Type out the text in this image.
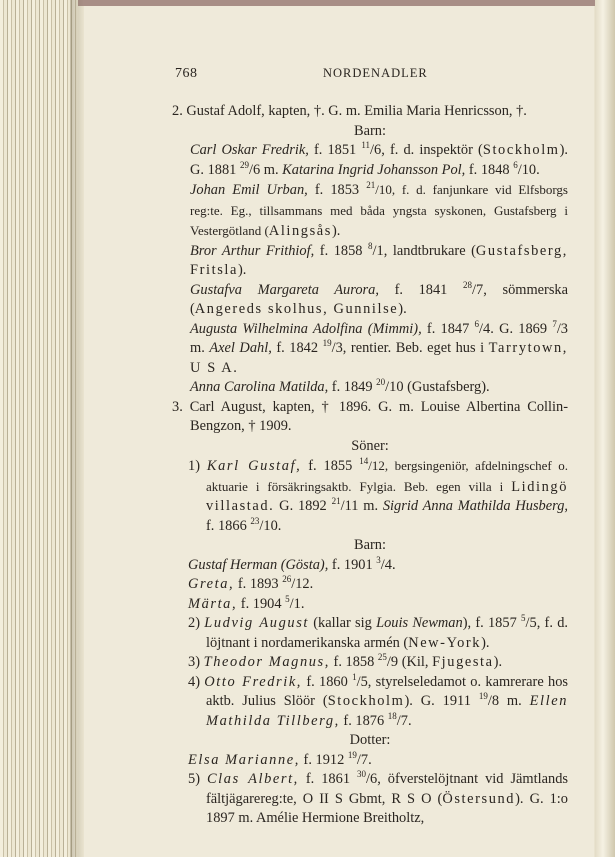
768	NORDENADLER

2. Gustaf Adolf, kapten, †. G. m. Emilia Maria Henricsson, †.

Barn:

Carl Oskar Fredrik, f. 1851 $^{11}$/6, f. d. inspektör (Stockholm). G. 1881 $^{29}$/6 m. Katarina Ingrid Johansson Pol, f. 1848 $^6$/10.

Johan Emil Urban, f. 1853 $^{21}$/10, f. d. fanjunkare vid Elfsborgs reg:te. Eg., tillsammans med båda yngsta syskonen, Gustafsberg i Vestergötland (Alingsås).

Bror Arthur Frithiof, f. 1858 $^8$/1, landtbrukare (Gustafsberg, Fritsla).

Gustafva Margareta Aurora, f. 1841 $^{28}$/7, sömmerska (Angereds skolhus, Gunnilse).

Augusta Wilhelmina Adolfina (Mimmi), f. 1847 $^6$/4. G. 1869 $^7$/3 m. Axel Dahl, f. 1842 $^{19}$/3, rentier. Beb. eget hus i Tarrytown, U S A.

Anna Carolina Matilda, f. 1849 $^{20}$/10 (Gustafsberg).

3. Carl August, kapten, † 1896. G. m. Louise Albertina Collin-Bengzon, † 1909.

Söner:

1) Karl Gustaf, f. 1855 $^{14}$/12, bergsingeniör, afdelningschef o. aktuarie i försäkringsaktb. Fylgia. Beb. egen villa i Lidingö villastad. G. 1892 $^{21}$/11 m. Sigrid Anna Mathilda Husberg, f. 1866 $^{23}$/10.

Barn:

Gustaf Herman (Gösta), f. 1901 $^3$/4.

Greta, f. 1893 $^{26}$/12.

Märta, f. 1904 $^5$/1.

2) Ludvig August (kallar sig Louis Newman), f. 1857 $^5$/5, f. d. löjtnant i nordamerikanska armén (New-York).

3) Theodor Magnus, f. 1858 $^{25}$/9 (Kil, Fjugesta).

4) Otto Fredrik, f. 1860 $^1$/5, styrelseledamot o. kamrerare hos aktb. Julius Slöör (Stockholm). G. 1911 $^{19}$/8 m. Ellen Mathilda Tillberg, f. 1876 $^{18}$/7.

Dotter:

Elsa Marianne, f. 1912 $^{19}$/7.

5) Clas Albert, f. 1861 $^{30}$/6, öfverstelöjtnant vid Jämtlands fältjägarereg:te, O II S Gbmt, R S O (Östersund). G. 1:o 1897 m. Amélie Hermione Breitholtz,
